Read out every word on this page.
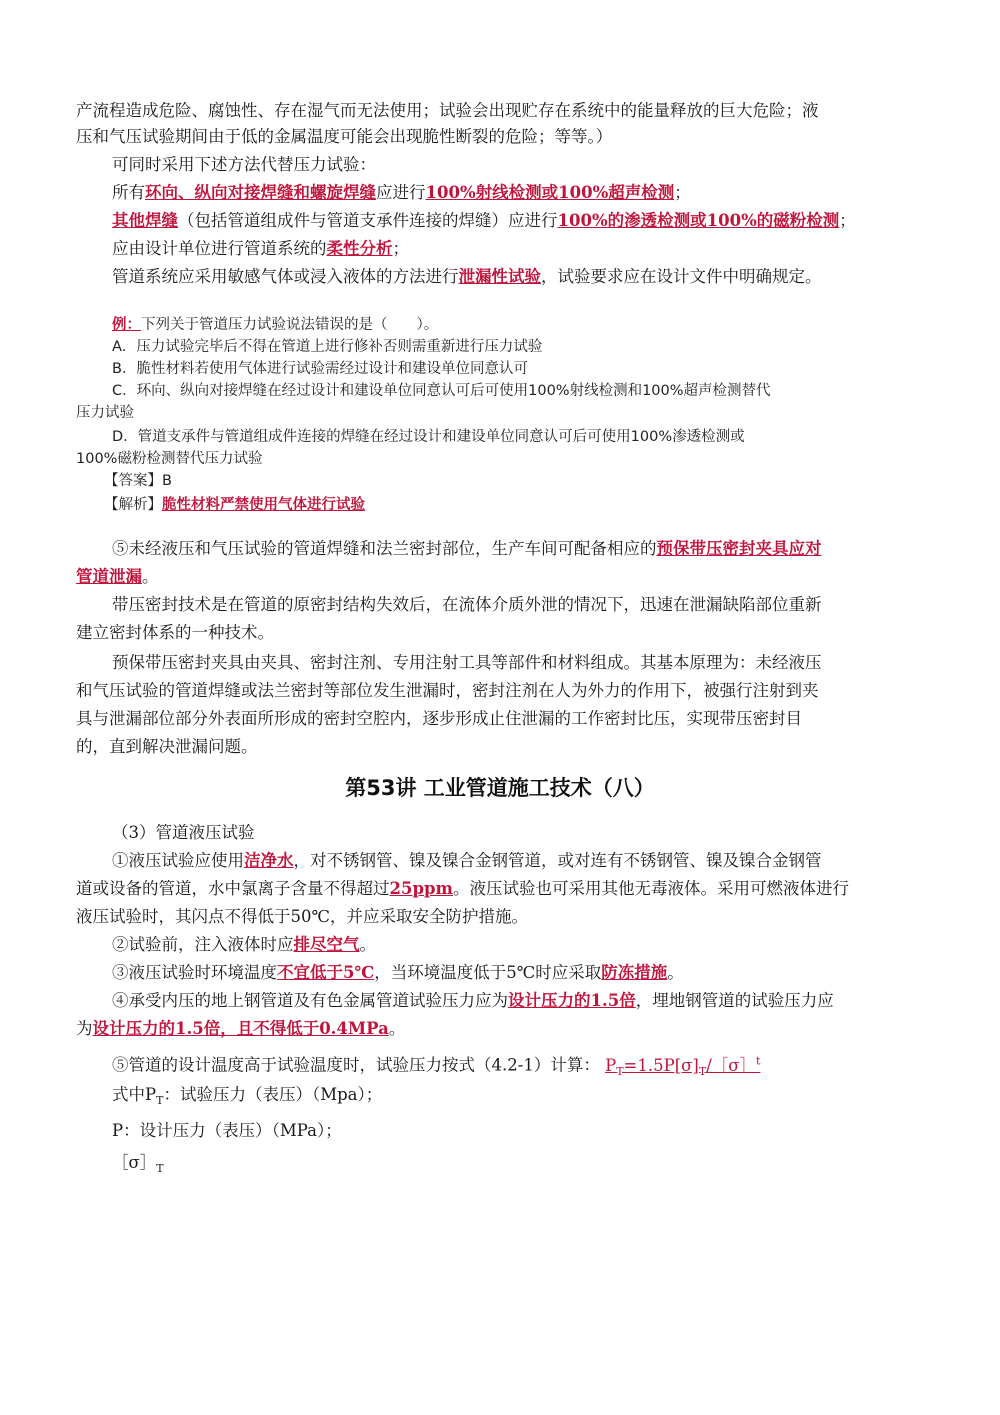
产流程造成危险、腐蚀性、存在湿气而无法使用；试验会出现贮存在系统中的能量释放的巨大危险；液
压和气压试验期间由于低的金属温度可能会出现脆性断裂的危险；等等。）
可同时采用下述方法代替压力试验：
所有环向、纵向对接焊缝和螺旋焊缝应进行100%射线检测或100%超声检测；
其他焊缝（包括管道组成件与管道支承件连接的焊缝）应进行100%的渗透检测或100%的磁粉检测；
应由设计单位进行管道系统的柔性分析；
管道系统应采用敏感气体或浸入液体的方法进行泄漏性试验，试验要求应在设计文件中明确规定。
例：下列关于管道压力试验说法错误的是（　　）。
A．压力试验完毕后不得在管道上进行修补否则需重新进行压力试验
B．脆性材料若使用气体进行试验需经过设计和建设单位同意认可
C．环向、纵向对接焊缝在经过设计和建设单位同意认可后可使用100%射线检测和100%超声检测替代
压力试验
D．管道支承件与管道组成件连接的焊缝在经过设计和建设单位同意认可后可使用100%渗透检测或
100%磁粉检测替代压力试验
【答案】B
【解析】脆性材料严禁使用气体进行试验
⑤未经液压和气压试验的管道焊缝和法兰密封部位，生产车间可配备相应的预保带压密封夹具应对
管道泄漏。
带压密封技术是在管道的原密封结构失效后，在流体介质外泄的情况下，迅速在泄漏缺陷部位重新
建立密封体系的一种技术。
预保带压密封夹具由夹具、密封注剂、专用注射工具等部件和材料组成。其基本原理为：未经液压
和气压试验的管道焊缝或法兰密封等部位发生泄漏时，密封注剂在人为外力的作用下，被强行注射到夹
具与泄漏部位部分外表面所形成的密封空腔内，逐步形成止住泄漏的工作密封比压，实现带压密封目
的，直到解决泄漏问题。
第53讲 工业管道施工技术（八）
（3）管道液压试验
①液压试验应使用洁净水，对不锈钢管、镍及镍合金钢管道，或对连有不锈钢管、镍及镍合金钢管
道或设备的管道，水中氯离子含量不得超过25ppm。液压试验也可采用其他无毒液体。采用可燃液体进行
液压试验时，其闪点不得低于50℃，并应采取安全防护措施。
②试验前，注入液体时应排尽空气。
③液压试验时环境温度不宜低于5℃，当环境温度低于5℃时应采取防冻措施。
④承受内压的地上钢管道及有色金属管道试验压力应为设计压力的1.5倍，埋地钢管道的试验压力应
为设计压力的1.5倍，且不得低于0.4MPa。
⑤管道的设计温度高于试验温度时，试验压力按式（4.2-1）计算： $P_T=1.5P[\sigma]_T/[\sigma]^t$
式中$P_T$：试验压力（表压）（Mpa）；
P：设计压力（表压）（MPa）；
$[\sigma]_T$
